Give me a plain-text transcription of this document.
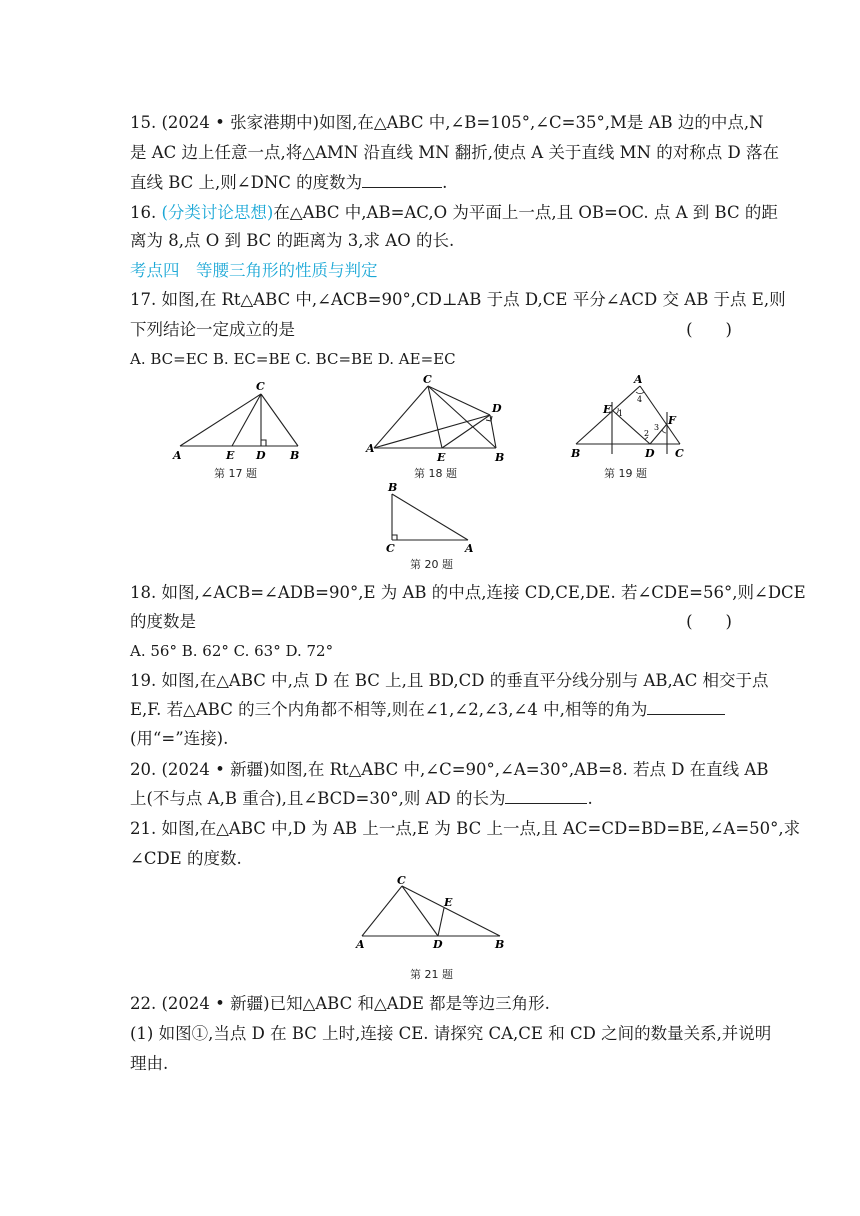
15. (2024 • 张家港期中)如图,在△ABC 中,∠B=105°,∠C=35°,M是 AB 边的中点,N
是 AC 边上任意一点,将△AMN 沿直线 MN 翻折,使点 A 关于直线 MN 的对称点 D 落在
直线 BC 上,则∠DNC 的度数为	.
16. (分类讨论思想)在△ABC 中,AB=AC,O 为平面上一点,且 OB=OC. 点 A 到 BC 的距
离为 8,点 O 到 BC 的距离为 3,求 AO 的长.
考点四　等腰三角形的性质与判定
17. 如图,在 Rt△ABC 中,∠ACB=90°,CD⊥AB 于点 D,CE 平分∠ACD 交 AB 于点 E,则
下列结论一定成立的是	(　　)
A. BC=EC B. EC=BE C. BC=BE D. AE=EC
C
A	E D B
第 17 题
C
A
E
D
B
第 18 题
A
E
F
B	D C
1
2
3
4
第 19 题
B
C	A
第 20 题
18. 如图,∠ACB=∠ADB=90°,E 为 AB 的中点,连接 CD,CE,DE. 若∠CDE=56°,则∠DCE
的度数是	(　　)
A. 56° B. 62° C. 63° D. 72°
19. 如图,在△ABC 中,点 D 在 BC 上,且 BD,CD 的垂直平分线分别与 AB,AC 相交于点
E,F. 若△ABC 的三个内角都不相等,则在∠1,∠2,∠3,∠4 中,相等的角为
(用“=”连接).
20. (2024 • 新疆)如图,在 Rt△ABC 中,∠C=90°,∠A=30°,AB=8. 若点 D 在直线 AB
上(不与点 A,B 重合),且∠BCD=30°,则 AD 的长为	.
21. 如图,在△ABC 中,D 为 AB 上一点,E 为 BC 上一点,且 AC=CD=BD=BE,∠A=50°,求
∠CDE 的度数.
C
E
A	D	B
第 21 题
22. (2024 • 新疆)已知△ABC 和△ADE 都是等边三角形.
(1) 如图①,当点 D 在 BC 上时,连接 CE. 请探究 CA,CE 和 CD 之间的数量关系,并说明
理由.
